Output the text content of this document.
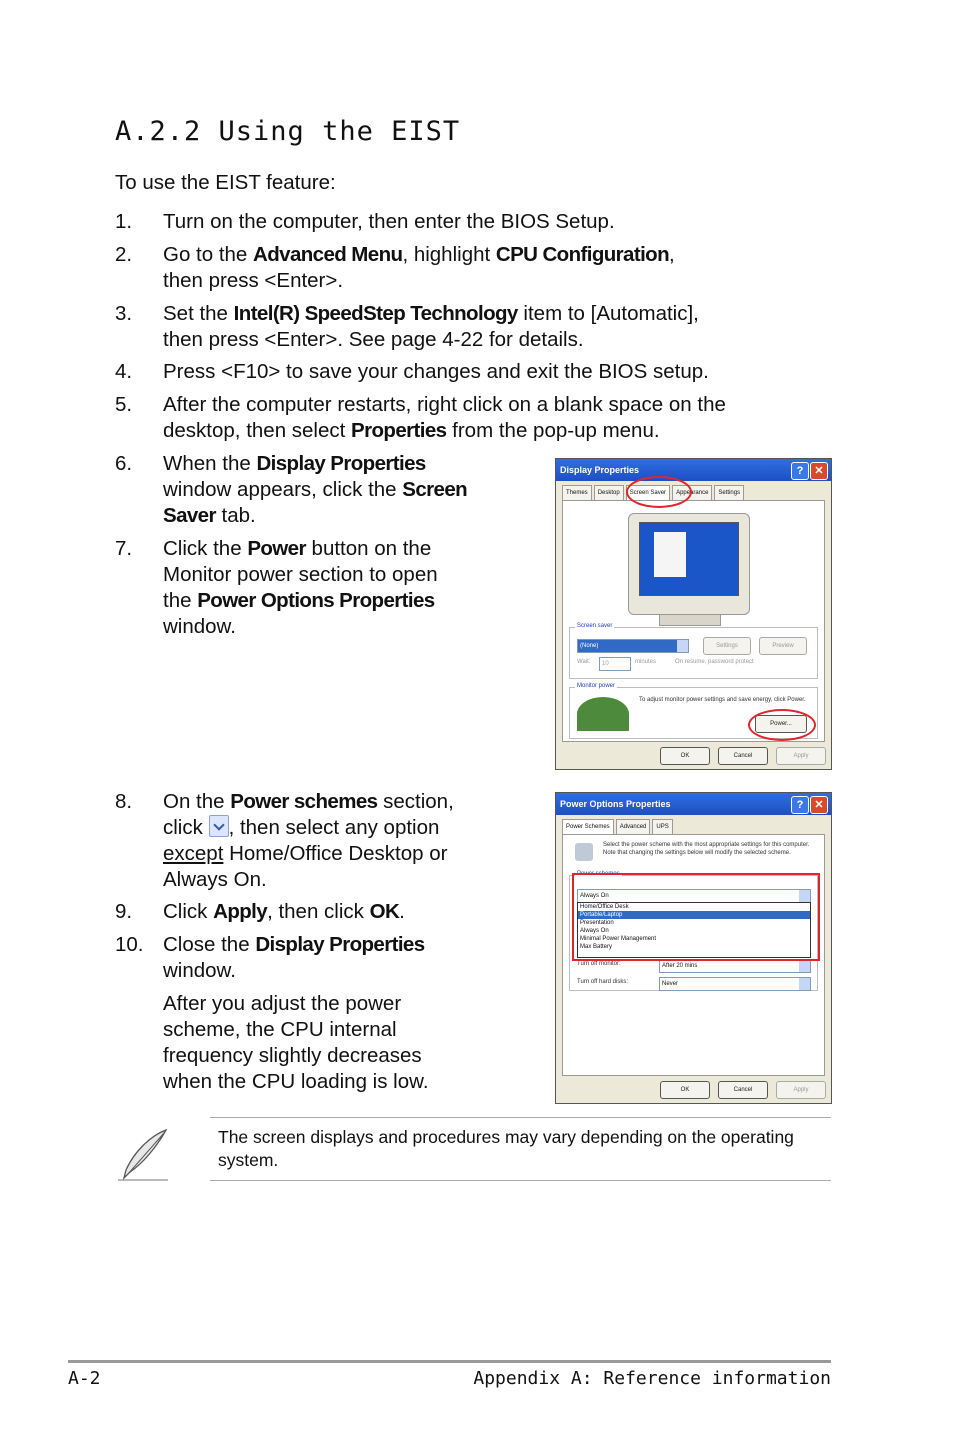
A.2.2 Using the EIST
To use the EIST feature:
1. Turn on the computer, then enter the BIOS Setup.
2. Go to the Advanced Menu, highlight CPU Configuration,
then press <Enter>.
3. Set the Intel(R) SpeedStep Technology item to [Automatic],
then press <Enter>. See page 4-22 for details.
4. Press <F10> to save your changes and exit the BIOS setup.
5. After the computer restarts, right click on a blank space on the
desktop, then select Properties from the pop-up menu.
6. When the Display Properties
window appears, click the Screen
Saver tab.
7. Click the Power button on the
Monitor power section to open
the Power Options Properties
window.
8. On the Power schemes section,
click , then select any option
except Home/Office Desktop or
Always On.
9. Click Apply, then click OK.
10. Close the Display Properties
window.
After you adjust the power scheme, the CPU internal frequency slightly decreases when the CPU loading is low.
Display Properties	?	✕
Themes	Desktop	Screen Saver	Appearance	Settings
Screen saver
(None)	Settings	Preview
Wait:	10	minutes	On resume, password protect
Monitor power
To adjust monitor power settings and save energy, click Power.
Power...
OK	Cancel	Apply
Power Options Properties	?	✕
Power Schemes	Advanced	UPS
Select the power scheme with the most appropriate settings for this computer. Note that changing the settings below will modify the selected scheme.
Power schemes
Always On
Home/Office Desk
Portable/Laptop
Presentation
Always On
Minimal Power Management
Max Battery
Turn off monitor:	After 20 mins
Turn off hard disks:	Never
OK	Cancel	Apply
The screen displays and procedures may vary depending on the operating system.
A-2	Appendix A: Reference information
